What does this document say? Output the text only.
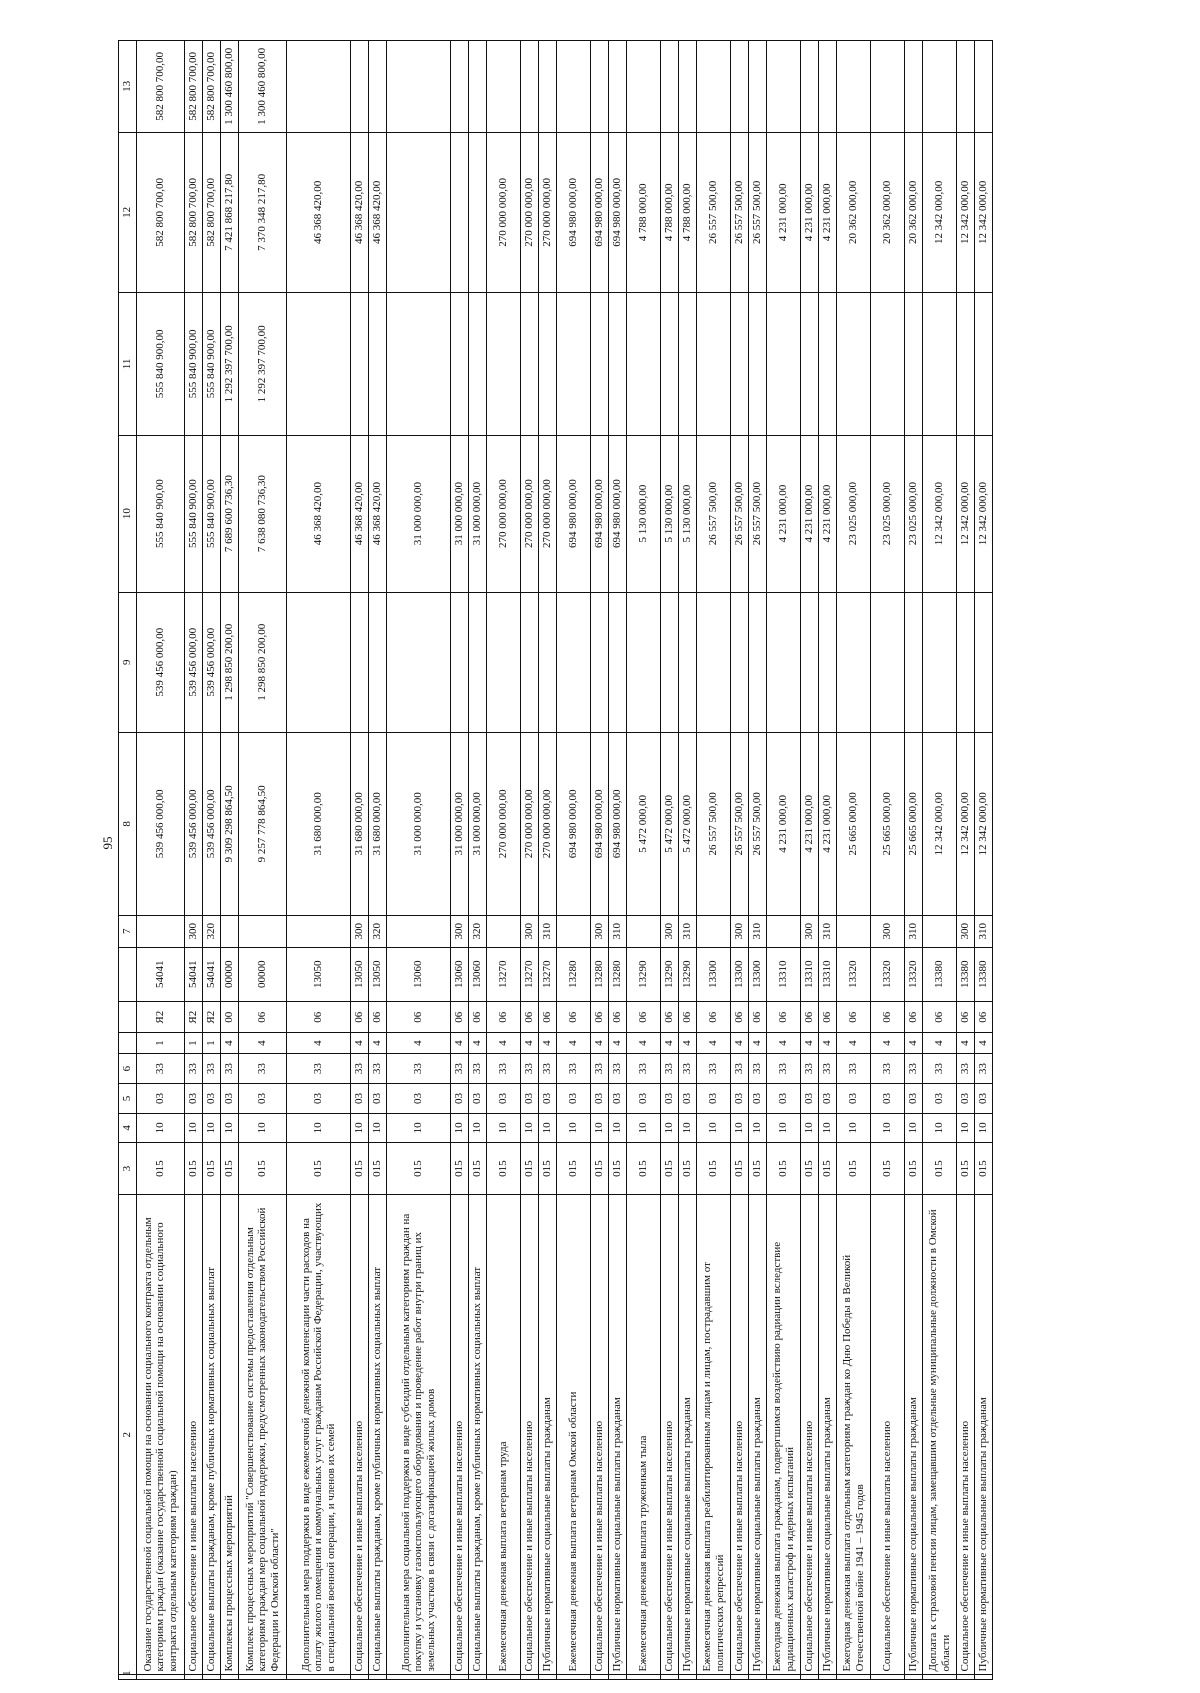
95
1	2	3	4	5	6				7	8	9	10	11	12	13
	Оказание государственной социальной помощи на основании социального контракта отдельным категориям граждан (оказание государственной социальной помощи на основании социального контракта отдельным категориям граждан)	015	10	03	33	1	Я2	54041		539 456 000,00	539 456 000,00	555 840 900,00	555 840 900,00	582 800 700,00	582 800 700,00
	Социальное обеспечение и иные выплаты населению	015	10	03	33	1	Я2	54041	300	539 456 000,00	539 456 000,00	555 840 900,00	555 840 900,00	582 800 700,00	582 800 700,00
	Социальные выплаты гражданам, кроме публичных нормативных социальных выплат	015	10	03	33	1	Я2	54041	320	539 456 000,00	539 456 000,00	555 840 900,00	555 840 900,00	582 800 700,00	582 800 700,00
	Комплексы процессных мероприятий	015	10	03	33	4	00	00000		9 309 298 864,50	1 298 850 200,00	7 689 600 736,30	1 292 397 700,00	7 421 868 217,80	1 300 460 800,00
	Комплекс процессных мероприятий "Совершенствование системы предоставления отдельным категориям граждан мер социальной поддержки, предусмотренных законодательством Российской Федерации и Омской области"	015	10	03	33	4	06	00000		9 257 778 864,50	1 298 850 200,00	7 638 080 736,30	1 292 397 700,00	7 370 348 217,80	1 300 460 800,00
	Дополнительная мера поддержки в виде ежемесячной денежной компенсации части расходов на оплату жилого помещения и коммунальных услуг гражданам Российской Федерации, участвующих в специальной военной операции, и членов их семей	015	10	03	33	4	06	13050		31 680 000,00		46 368 420,00		46 368 420,00	
	Социальное обеспечение и иные выплаты населению	015	10	03	33	4	06	13050	300	31 680 000,00		46 368 420,00		46 368 420,00	
	Социальные выплаты гражданам, кроме публичных нормативных социальных выплат	015	10	03	33	4	06	13050	320	31 680 000,00		46 368 420,00		46 368 420,00	
	Дополнительная мера социальной поддержки в виде субсидий отдельным категориям граждан на покупку и установку газоиспользующего оборудования и проведение работ внутри границ их земельных участков в связи с догазификацией жилых домов	015	10	03	33	4	06	13060		31 000 000,00		31 000 000,00			
	Социальное обеспечение и иные выплаты населению	015	10	03	33	4	06	13060	300	31 000 000,00		31 000 000,00			
	Социальные выплаты гражданам, кроме публичных нормативных социальных выплат	015	10	03	33	4	06	13060	320	31 000 000,00		31 000 000,00			
	Ежемесячная денежная выплата ветеранам труда	015	10	03	33	4	06	13270		270 000 000,00		270 000 000,00		270 000 000,00	
	Социальное обеспечение и иные выплаты населению	015	10	03	33	4	06	13270	300	270 000 000,00		270 000 000,00		270 000 000,00	
	Публичные нормативные социальные выплаты гражданам	015	10	03	33	4	06	13270	310	270 000 000,00		270 000 000,00		270 000 000,00	
	Ежемесячная денежная выплата ветеранам Омской области	015	10	03	33	4	06	13280		694 980 000,00		694 980 000,00		694 980 000,00	
	Социальное обеспечение и иные выплаты населению	015	10	03	33	4	06	13280	300	694 980 000,00		694 980 000,00		694 980 000,00	
	Публичные нормативные социальные выплаты гражданам	015	10	03	33	4	06	13280	310	694 980 000,00		694 980 000,00		694 980 000,00	
	Ежемесячная денежная выплата труженикам тыла	015	10	03	33	4	06	13290		5 472 000,00		5 130 000,00		4 788 000,00	
	Социальное обеспечение и иные выплаты населению	015	10	03	33	4	06	13290	300	5 472 000,00		5 130 000,00		4 788 000,00	
	Публичные нормативные социальные выплаты гражданам	015	10	03	33	4	06	13290	310	5 472 000,00		5 130 000,00		4 788 000,00	
	Ежемесячная денежная выплата реабилитированным лицам и лицам, пострадавшим от политических репрессий	015	10	03	33	4	06	13300		26 557 500,00		26 557 500,00		26 557 500,00	
	Социальное обеспечение и иные выплаты населению	015	10	03	33	4	06	13300	300	26 557 500,00		26 557 500,00		26 557 500,00	
	Публичные нормативные социальные выплаты гражданам	015	10	03	33	4	06	13300	310	26 557 500,00		26 557 500,00		26 557 500,00	
	Ежегодная денежная выплата гражданам, подвергшимся воздействию радиации вследствие радиационных катастроф и ядерных испытаний	015	10	03	33	4	06	13310		4 231 000,00		4 231 000,00		4 231 000,00	
	Социальное обеспечение и иные выплаты населению	015	10	03	33	4	06	13310	300	4 231 000,00		4 231 000,00		4 231 000,00	
	Публичные нормативные социальные выплаты гражданам	015	10	03	33	4	06	13310	310	4 231 000,00		4 231 000,00		4 231 000,00	
	Ежегодная денежная выплата отдельным категориям граждан ко Дню Победы в Великой Отечественной войне 1941 – 1945 годов	015	10	03	33	4	06	13320		25 665 000,00		23 025 000,00		20 362 000,00	
	Социальное обеспечение и иные выплаты населению	015	10	03	33	4	06	13320	300	25 665 000,00		23 025 000,00		20 362 000,00	
	Публичные нормативные социальные выплаты гражданам	015	10	03	33	4	06	13320	310	25 665 000,00		23 025 000,00		20 362 000,00	
	Доплата к страховой пенсии лицам, замещавшим отдельные муниципальные должности в Омской области	015	10	03	33	4	06	13380		12 342 000,00		12 342 000,00		12 342 000,00	
	Социальное обеспечение и иные выплаты населению	015	10	03	33	4	06	13380	300	12 342 000,00		12 342 000,00		12 342 000,00	
	Публичные нормативные социальные выплаты гражданам	015	10	03	33	4	06	13380	310	12 342 000,00		12 342 000,00		12 342 000,00	
